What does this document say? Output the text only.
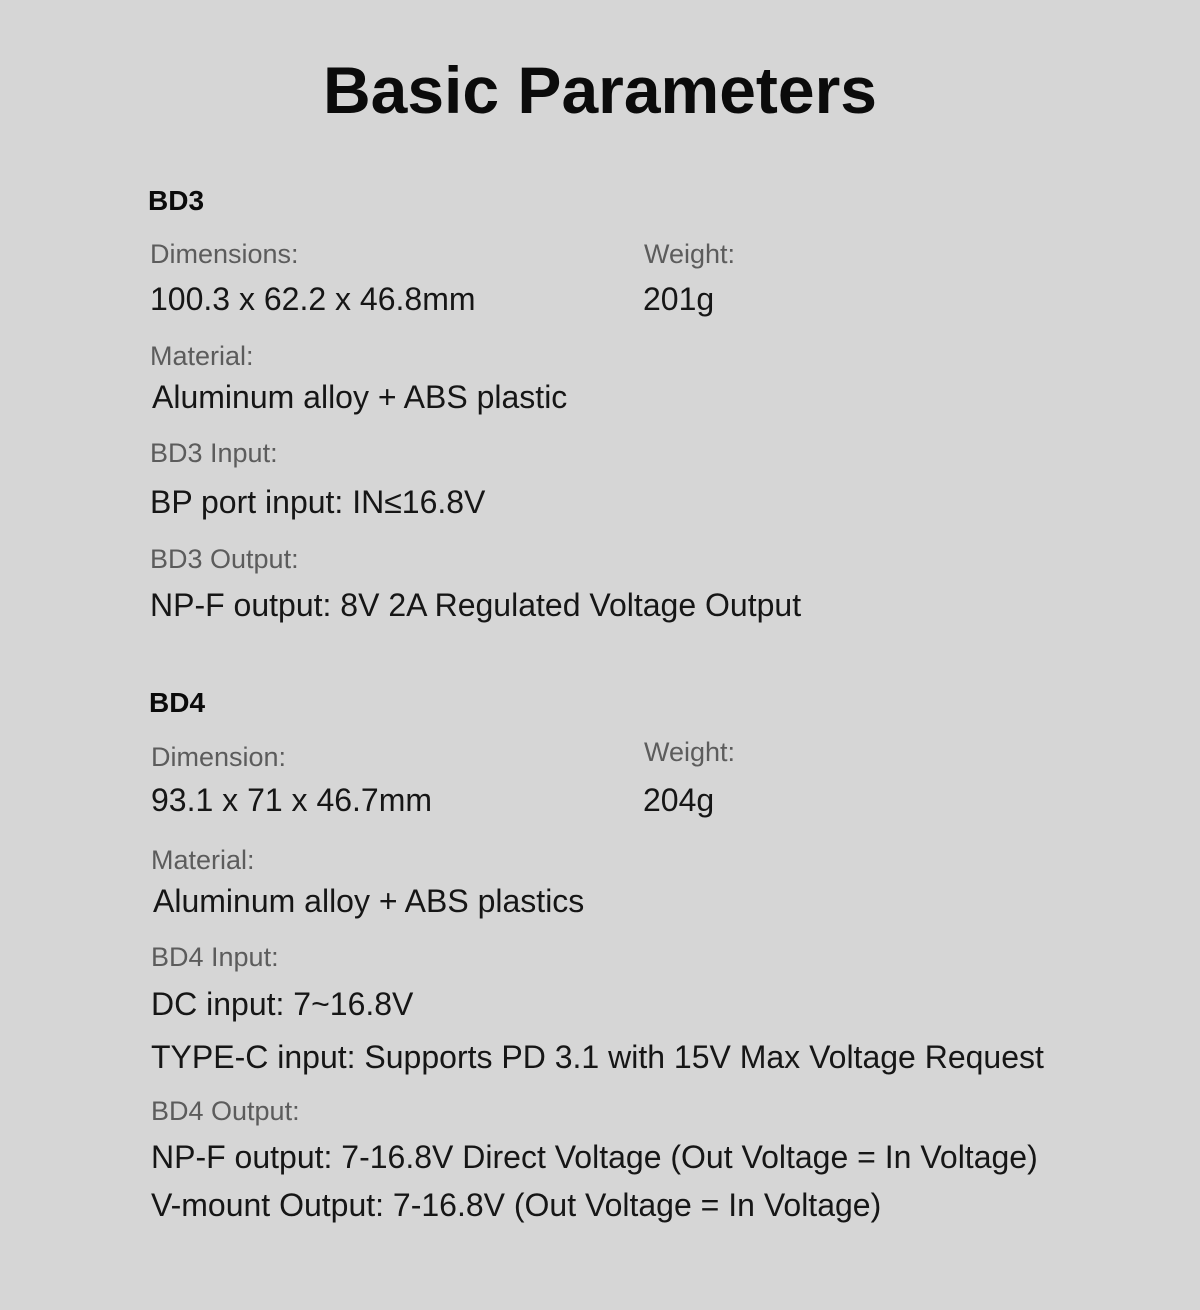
Basic Parameters
BD3
Dimensions:
100.3 x 62.2 x 46.8mm
Weight:
201g
Material:
Aluminum alloy + ABS plastic
BD3 Input:
BP port input: IN≤16.8V
BD3 Output:
NP-F output: 8V 2A Regulated Voltage Output
BD4
Dimension:
93.1 x 71 x 46.7mm
Weight:
204g
Material:
Aluminum alloy + ABS plastics
BD4 Input:
DC input: 7~16.8V
TYPE-C input: Supports PD 3.1 with 15V Max Voltage Request
BD4 Output:
NP-F output: 7-16.8V Direct Voltage (Out Voltage = In Voltage)
V-mount Output: 7-16.8V (Out Voltage = In Voltage)
